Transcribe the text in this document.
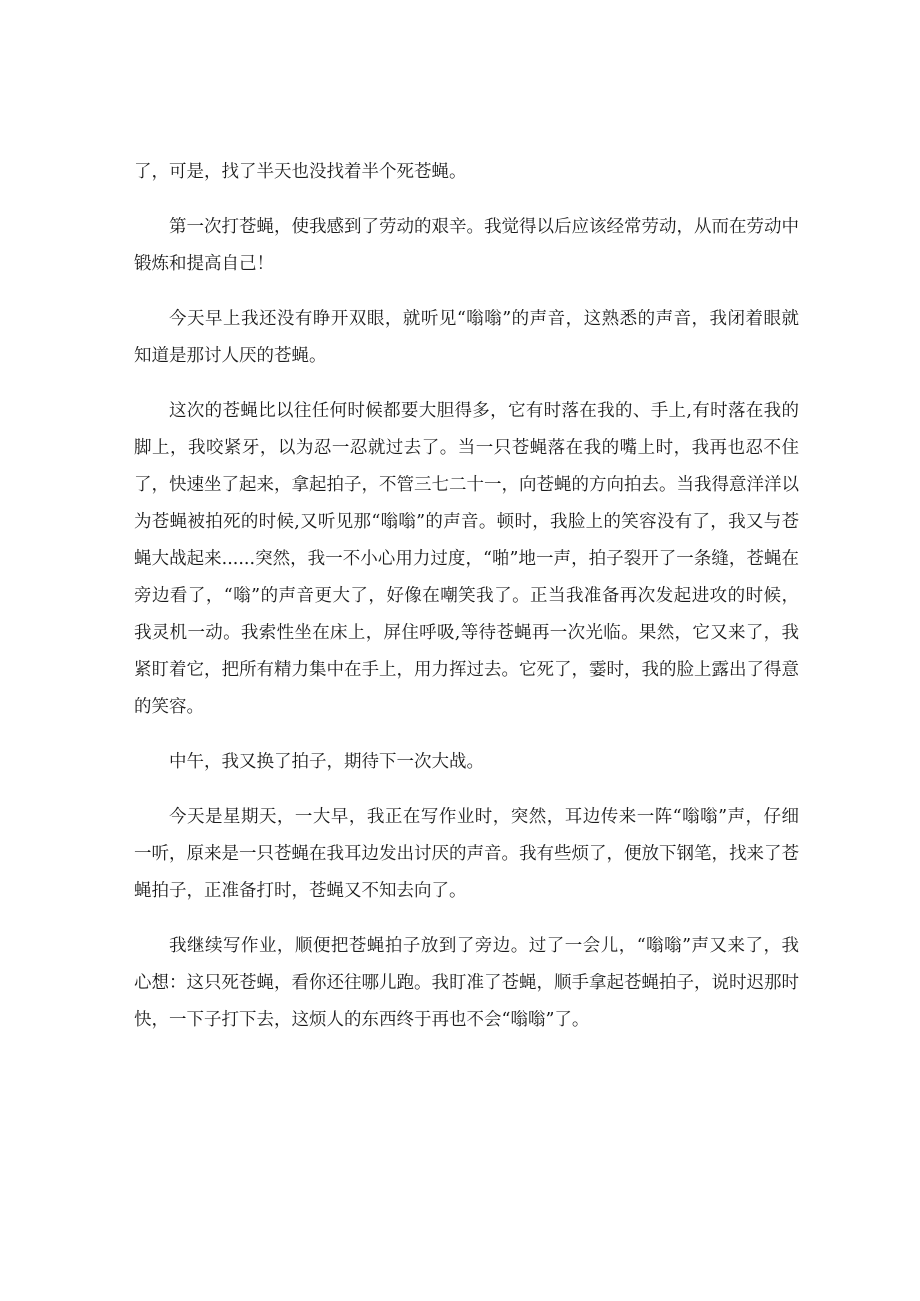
了，可是，找了半天也没找着半个死苍蝇。

第一次打苍蝇，使我感到了劳动的艰辛。我觉得以后应该经常劳动，从而在劳动中锻炼和提高自己！

今天早上我还没有睁开双眼，就听见“嗡嗡”的声音，这熟悉的声音，我闭着眼就知道是那讨人厌的苍蝇。

这次的苍蝇比以往任何时候都要大胆得多，它有时落在我的、手上,有时落在我的脚上，我咬紧牙，以为忍一忍就过去了。当一只苍蝇落在我的嘴上时，我再也忍不住了，快速坐了起来，拿起拍子，不管三七二十一，向苍蝇的方向拍去。当我得意洋洋以为苍蝇被拍死的时候,又听见那“嗡嗡”的声音。顿时，我脸上的笑容没有了，我又与苍蝇大战起来......突然，我一不小心用力过度，“啪”地一声，拍子裂开了一条缝，苍蝇在旁边看了，“嗡”的声音更大了，好像在嘲笑我了。正当我准备再次发起进攻的时候，我灵机一动。我索性坐在床上，屏住呼吸,等待苍蝇再一次光临。果然，它又来了，我紧盯着它，把所有精力集中在手上，用力挥过去。它死了，霎时，我的脸上露出了得意的笑容。

中午，我又换了拍子，期待下一次大战。

今天是星期天，一大早，我正在写作业时，突然，耳边传来一阵“嗡嗡”声，仔细一听，原来是一只苍蝇在我耳边发出讨厌的声音。我有些烦了，便放下钢笔，找来了苍蝇拍子，正准备打时，苍蝇又不知去向了。

我继续写作业，顺便把苍蝇拍子放到了旁边。过了一会儿，“嗡嗡”声又来了，我心想：这只死苍蝇，看你还往哪儿跑。我盯准了苍蝇，顺手拿起苍蝇拍子，说时迟那时快，一下子打下去，这烦人的东西终于再也不会“嗡嗡”了。
